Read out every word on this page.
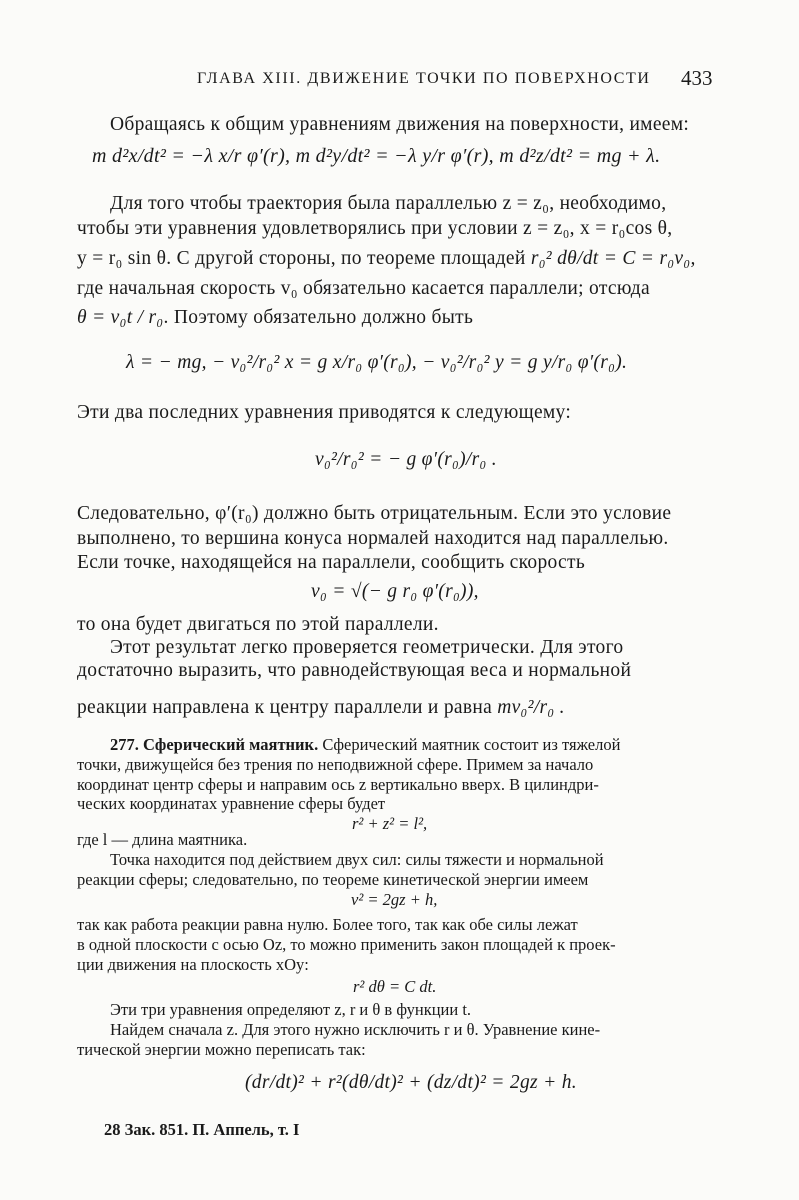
ГЛАВА XIII. ДВИЖЕНИЕ ТОЧКИ ПО ПОВЕРХНОСТИ 433
Обращаясь к общим уравнениям движения на поверхности, имеем:
m d²x/dt² = −λ x/r φ′(r), m d²y/dt² = −λ y/r φ′(r), m d²z/dt² = mg + λ.
Для того чтобы траектория была параллелью z = z₀, необходимо,
чтобы эти уравнения удовлетворялись при условии z = z₀, x = r₀cos θ,
y = r₀ sin θ. С другой стороны, по теореме площадей r₀² dθ/dt = C = r₀v₀,
где начальная скорость v₀ обязательно касается параллели; отсюда
θ = v₀t / r₀. Поэтому обязательно должно быть
λ = − mg, − v₀²/r₀² x = g x/r₀ φ′(r₀), − v₀²/r₀² y = g y/r₀ φ′(r₀).
Эти два последних уравнения приводятся к следующему:
v₀²/r₀² = − g φ′(r₀)/r₀ .
Следовательно, φ′(r₀) должно быть отрицательным. Если это условие
выполнено, то вершина конуса нормалей находится над параллелью.
Если точке, находящейся на параллели, сообщить скорость
v₀ = √(− g r₀ φ′(r₀)),
то она будет двигаться по этой параллели.
Этот результат легко проверяется геометрически. Для этого
достаточно выразить, что равнодействующая веса и нормальной
реакции направлена к центру параллели и равна mv₀²/r₀ .
277. Сферический маятник. Сферический маятник состоит из тяжелой
точки, движущейся без трения по неподвижной сфере. Примем за начало
координат центр сферы и направим ось z вертикально вверх. В цилиндри-
ческих координатах уравнение сферы будет
r² + z² = l²,
где l — длина маятника.
Точка находится под действием двух сил: силы тяжести и нормальной
реакции сферы; следовательно, по теореме кинетической энергии имеем
v² = 2gz + h,
так как работа реакции равна нулю. Более того, так как обе силы лежат
в одной плоскости с осью Oz, то можно применить закон площадей к проек-
ции движения на плоскость xOy:
r² dθ = C dt.
Эти три уравнения определяют z, r и θ в функции t.
Найдем сначала z. Для этого нужно исключить r и θ. Уравнение кине-
тической энергии можно переписать так:
(dr/dt)² + r²(dθ/dt)² + (dz/dt)² = 2gz + h.
28 Зак. 851. П. Аппель, т. I
